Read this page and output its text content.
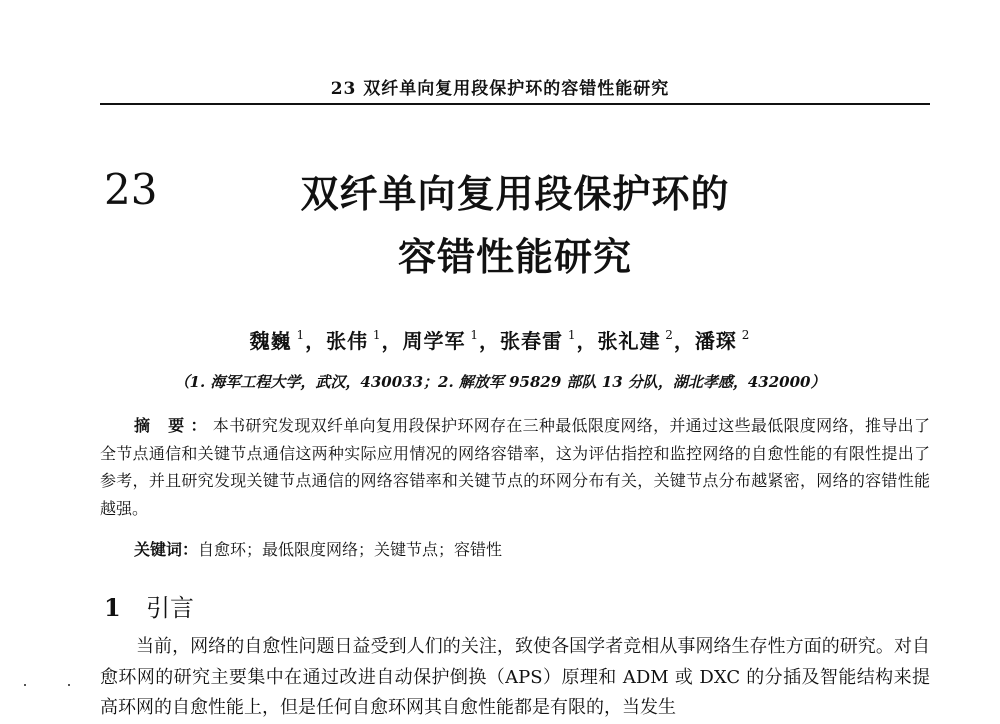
23 双纤单向复用段保护环的容错性能研究
23	双纤单向复用段保护环的
容错性能研究
魏巍 $^1$，张伟 $^1$，周学军 $^1$，张春雷 $^1$，张礼建 $^2$，潘琛 $^2$
（1. 海军工程大学，武汉，430033；2. 解放军 95829 部队 13 分队，湖北孝感，432000）
摘 要：本书研究发现双纤单向复用段保护环网存在三种最低限度网络，并通过这些最低限度网络，推导出了全节点通信和关键节点通信这两种实际应用情况的网络容错率，这为评估指控和监控网络的自愈性能的有限性提出了参考，并且研究发现关键节点通信的网络容错率和关键节点的环网分布有关，关键节点分布越紧密，网络的容错性能越强。
关键词：自愈环；最低限度网络；关键节点；容错性
1 引言
当前，网络的自愈性问题日益受到人们的关注，致使各国学者竞相从事网络生存性方面的研究。对自愈环网的研究主要集中在通过改进自动保护倒换（APS）原理和 ADM 或 DXC 的分插及智能结构来提高环网的自愈性能上，但是任何自愈环网其自愈性能都是有限的，当发生
